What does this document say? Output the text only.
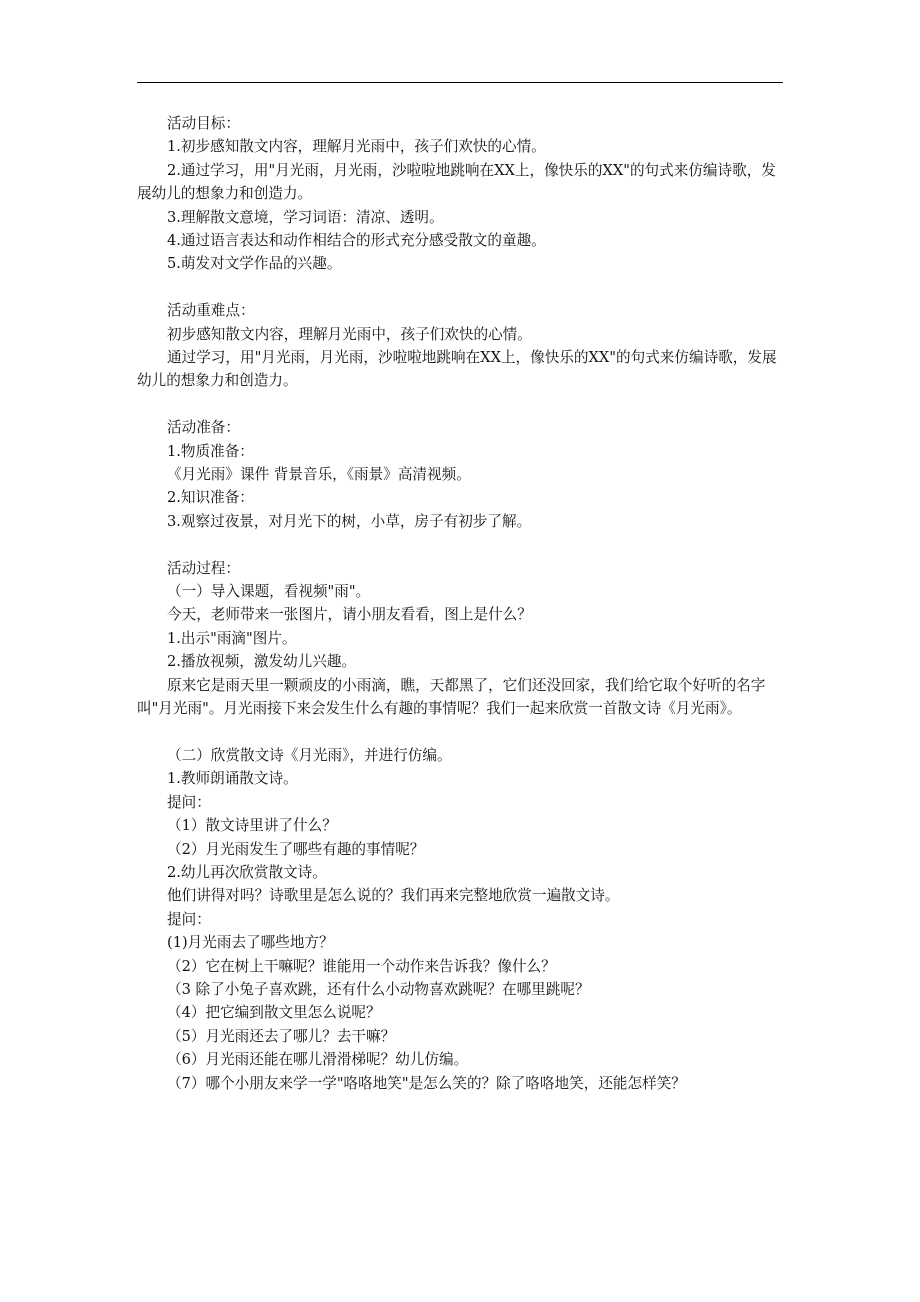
活动目标：

1.初步感知散文内容，理解月光雨中，孩子们欢快的心情。

2.通过学习，用"月光雨，月光雨，沙啦啦地跳响在XX上，像快乐的XX"的句式来仿编诗歌，发展幼儿的想象力和创造力。

3.理解散文意境，学习词语：清凉、透明。

4.通过语言表达和动作相结合的形式充分感受散文的童趣。

5.萌发对文学作品的兴趣。

活动重难点：

初步感知散文内容，理解月光雨中，孩子们欢快的心情。

通过学习，用"月光雨，月光雨，沙啦啦地跳响在XX上，像快乐的XX"的句式来仿编诗歌，发展幼儿的想象力和创造力。

活动准备：

1.物质准备：

《月光雨》课件 背景音乐，《雨景》高清视频。

2.知识准备：

3.观察过夜景，对月光下的树，小草，房子有初步了解。

活动过程：

（一）导入课题，看视频"雨"。

今天，老师带来一张图片，请小朋友看看，图上是什么？

1.出示"雨滴"图片。

2.播放视频，激发幼儿兴趣。

原来它是雨天里一颗顽皮的小雨滴，瞧，天都黑了，它们还没回家，我们给它取个好听的名字叫"月光雨"。月光雨接下来会发生什么有趣的事情呢？我们一起来欣赏一首散文诗《月光雨》。

（二）欣赏散文诗《月光雨》，并进行仿编。

1.教师朗诵散文诗。

提问：

（1）散文诗里讲了什么？

（2）月光雨发生了哪些有趣的事情呢？

2.幼儿再次欣赏散文诗。

他们讲得对吗？诗歌里是怎么说的？我们再来完整地欣赏一遍散文诗。

提问：

(1)月光雨去了哪些地方？

（2）它在树上干嘛呢？谁能用一个动作来告诉我？像什么？

（3 除了小兔子喜欢跳，还有什么小动物喜欢跳呢？在哪里跳呢？

（4）把它编到散文里怎么说呢？

（5）月光雨还去了哪儿？去干嘛？

（6）月光雨还能在哪儿滑滑梯呢？幼儿仿编。

（7）哪个小朋友来学一学"咯咯地笑"是怎么笑的？除了咯咯地笑，还能怎样笑？
